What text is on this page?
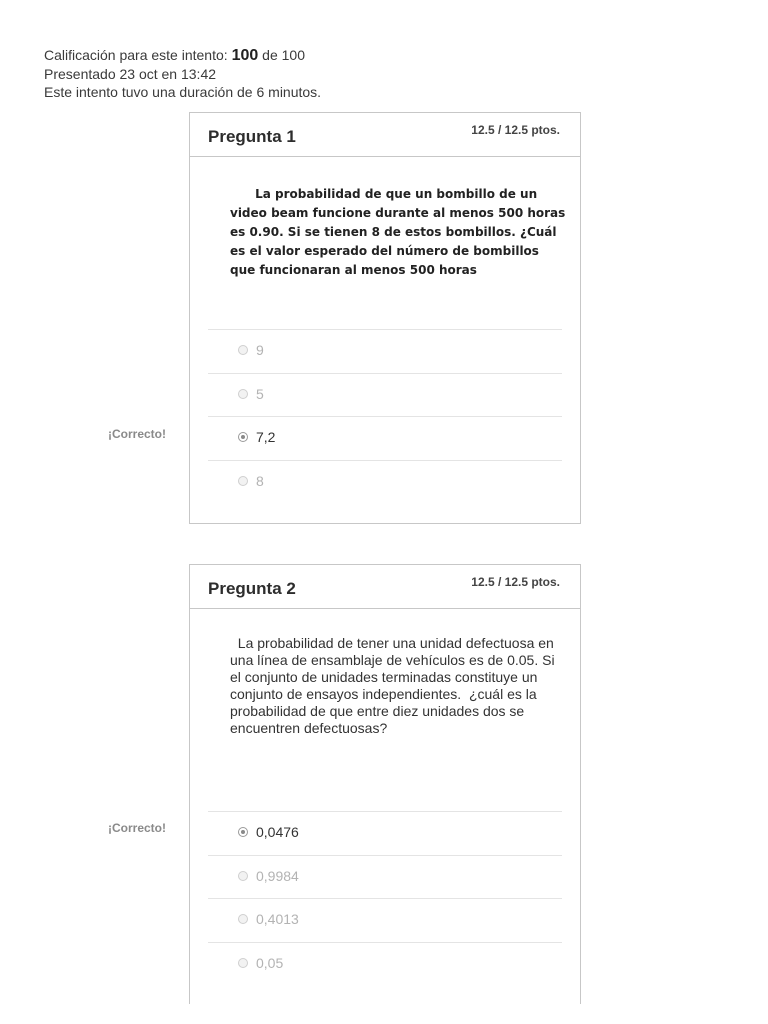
Calificación para este intento: 100 de 100
Presentado 23 oct en 13:42
Este intento tuvo una duración de 6 minutos.
¡Correcto!
Pregunta 1	12.5 / 12.5 ptos.
La probabilidad de que un bombillo de un video beam funcione durante al menos 500 horas es 0.90. Si se tienen 8 de estos bombillos. ¿Cuál es el valor esperado del número de bombillos que funcionaran al menos 500 horas
9
5
7,2
8
¡Correcto!
Pregunta 2	12.5 / 12.5 ptos.
La probabilidad de tener una unidad defectuosa en una línea de ensamblaje de vehículos es de 0.05. Si el conjunto de unidades terminadas constituye un conjunto de ensayos independientes.  ¿cuál es la probabilidad de que entre diez unidades dos se encuentren defectuosas?
0,0476
0,9984
0,4013
0,05
